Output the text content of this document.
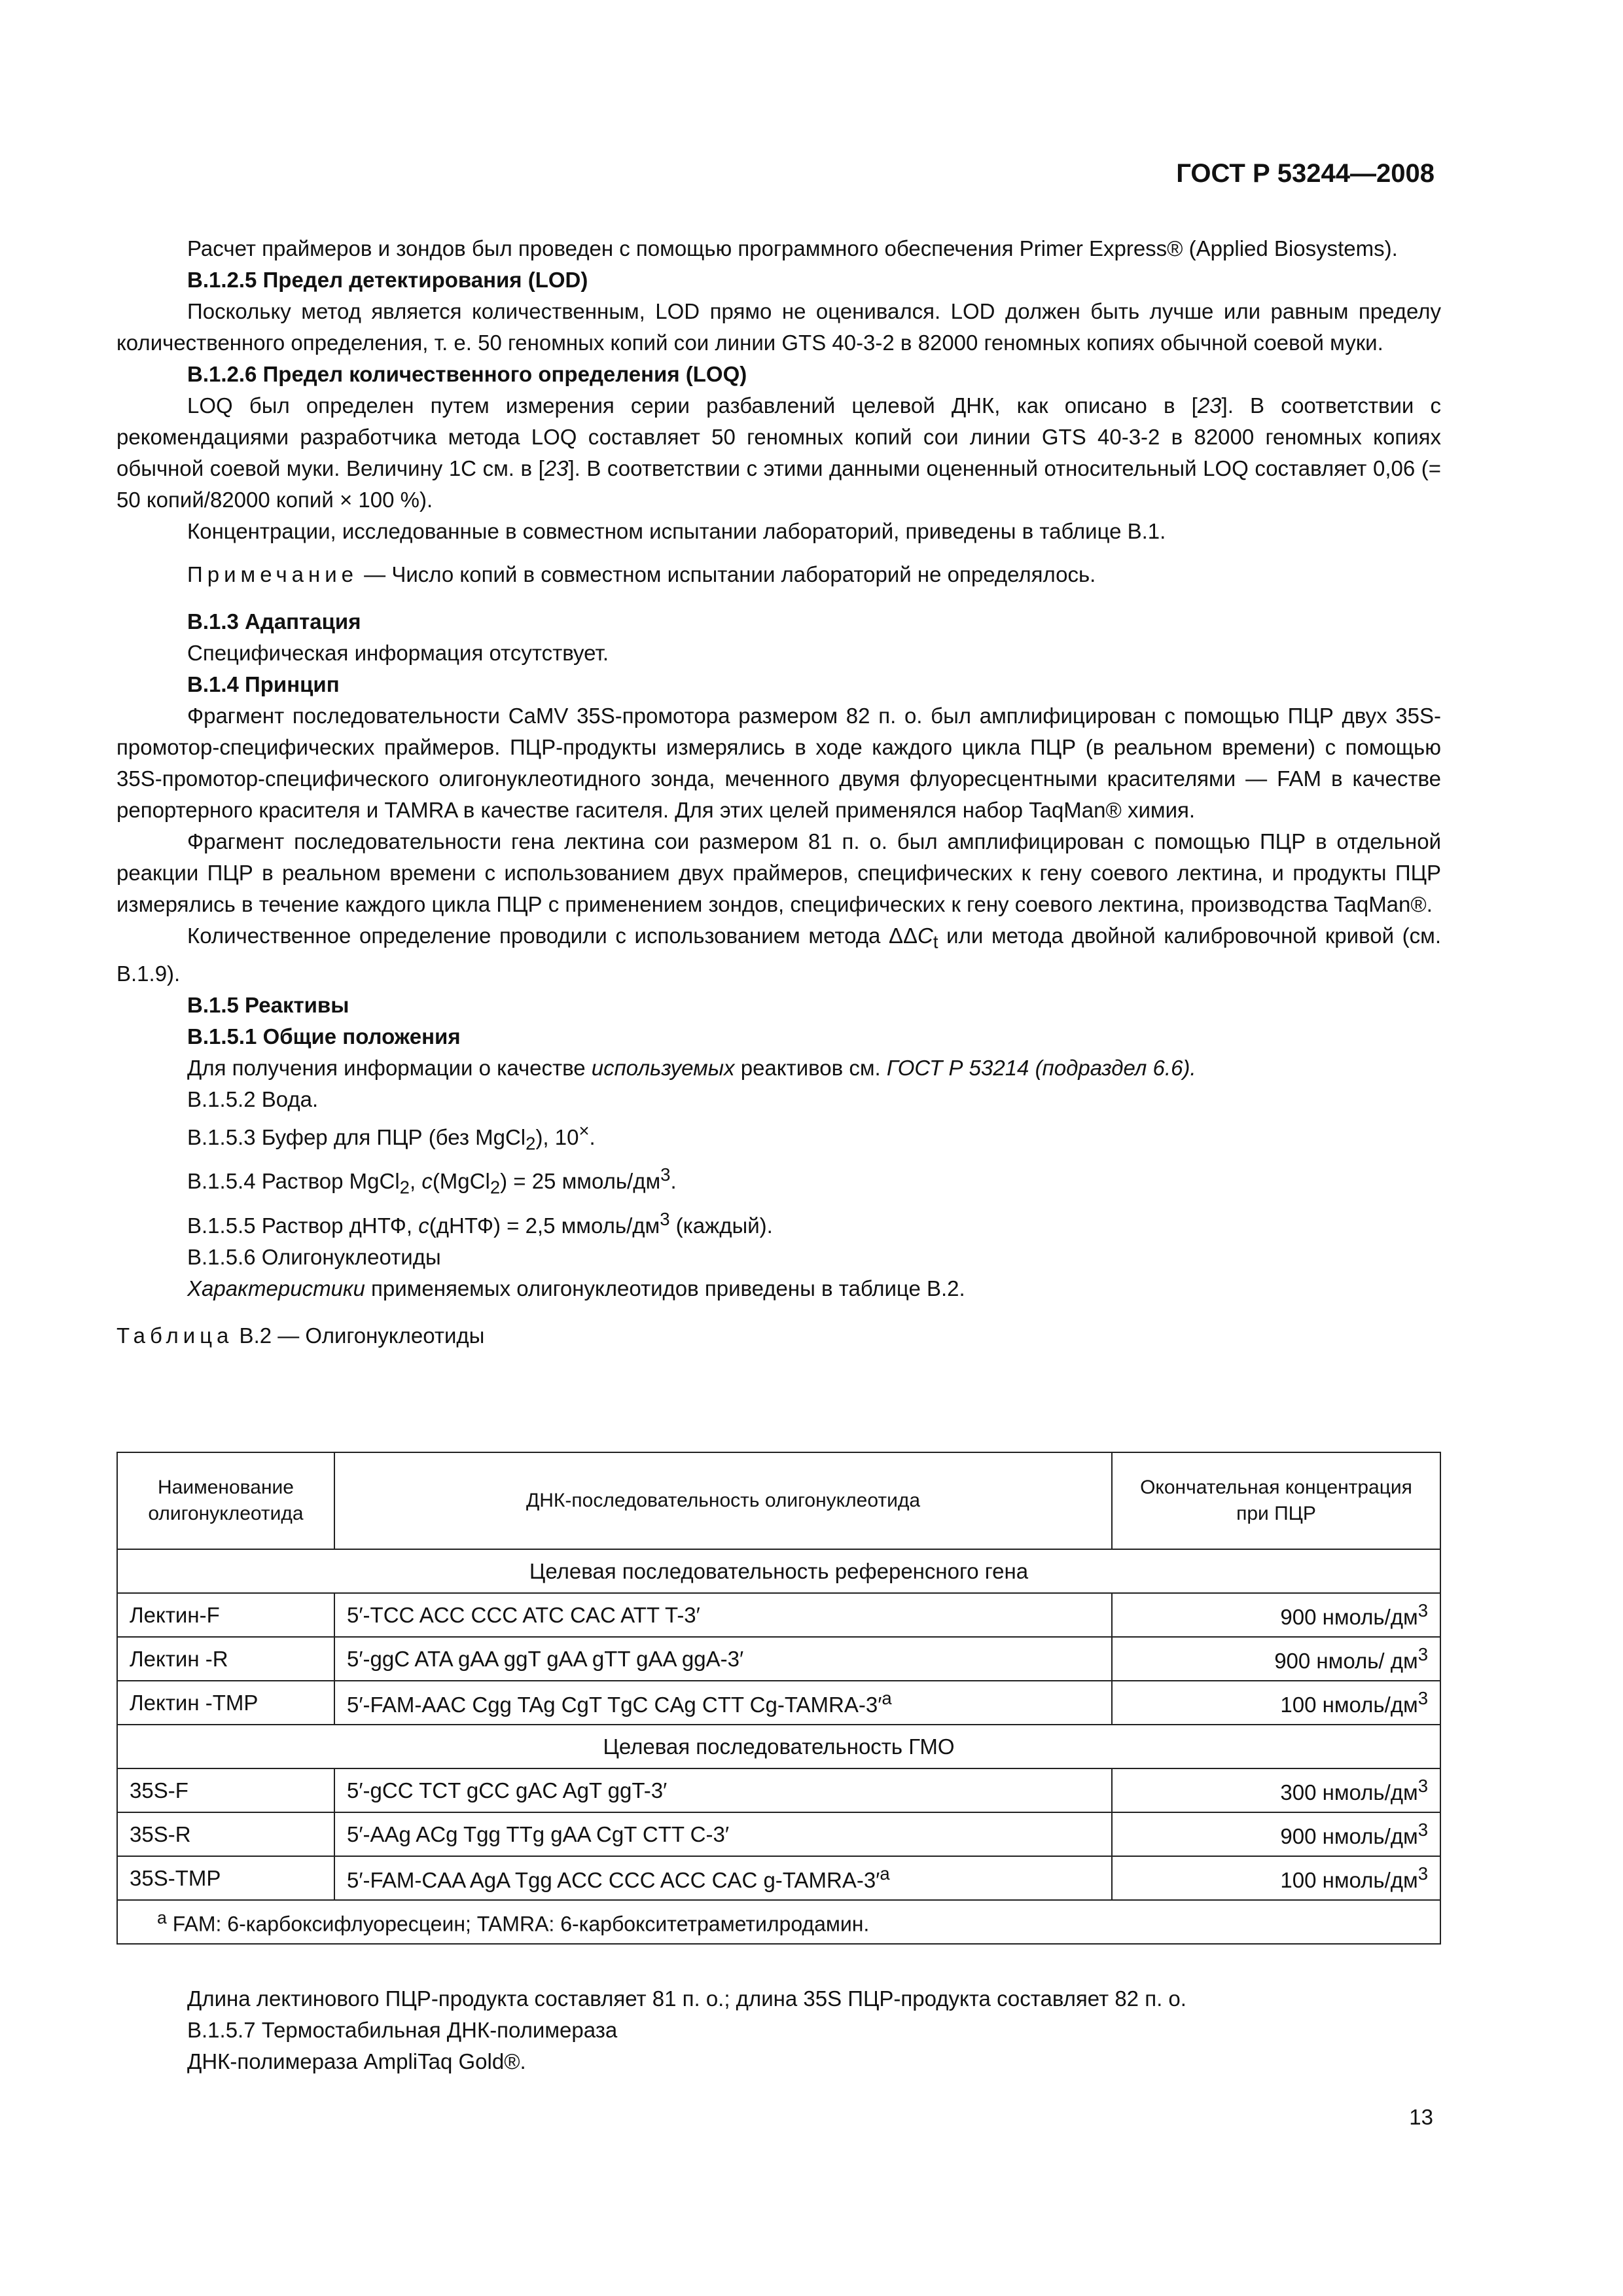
ГОСТ Р 53244—2008

Расчет праймеров и зондов был проведен с помощью программного обеспечения Primer Express® (Applied Biosystems).

В.1.2.5 Предел детектирования (LOD)

Поскольку метод является количественным, LOD прямо не оценивался. LOD должен быть лучше или равным пределу количественного определения, т. е. 50 геномных копий сои линии GTS 40-3-2 в 82000 геномных копиях обычной соевой муки.

В.1.2.6 Предел количественного определения (LOQ)

LOQ был определен путем измерения серии разбавлений целевой ДНК, как описано в [23]. В соответствии с рекомендациями разработчика метода LOQ составляет 50 геномных копий сои линии GTS 40-3-2 в 82000 геномных копиях обычной соевой муки. Величину 1С см. в [23]. В соответствии с этими данными оцененный относительный LOQ составляет 0,06 (= 50 копий/82000 копий × 100 %).

Концентрации, исследованные в совместном испытании лабораторий, приведены в таблице В.1.

Примечание — Число копий в совместном испытании лабораторий не определялось.

В.1.3 Адаптация

Специфическая информация отсутствует.

В.1.4 Принцип

Фрагмент последовательности CaMV 35S-промотора размером 82 п. о. был амплифицирован с помощью ПЦР двух 35S-промотор-специфических праймеров. ПЦР-продукты измерялись в ходе каждого цикла ПЦР (в реальном времени) с помощью 35S-промотор-специфического олигонуклеотидного зонда, меченного двумя флуоресцентными красителями — FAM в качестве репортерного красителя и TAMRA в качестве гасителя. Для этих целей применялся набор TaqMan® химия.

Фрагмент последовательности гена лектина сои размером 81 п. о. был амплифицирован с помощью ПЦР в отдельной реакции ПЦР в реальном времени с использованием двух праймеров, специфических к гену соевого лектина, и продукты ПЦР измерялись в течение каждого цикла ПЦР с применением зондов, специфических к гену соевого лектина, производства TaqMan®.

Количественное определение проводили с использованием метода $\Delta\Delta C_t$ или метода двойной калибровочной кривой (см. В.1.9).

В.1.5 Реактивы

В.1.5.1 Общие положения

Для получения информации о качестве используемых реактивов см. ГОСТ Р 53214 (подраздел 6.6).

В.1.5.2 Вода.

В.1.5.3 Буфер для ПЦР (без MgCl$_2$), 10×.

В.1.5.4 Раствор MgCl$_2$, c(MgCl$_2$) = 25 ммоль/$дм^3$.

В.1.5.5 Раствор дНТФ, c(дНТФ) = 2,5 ммоль/$дм^3$ (каждый).

В.1.5.6 Олигонуклеотиды

Характеристики применяемых олигонуклеотидов приведены в таблице В.2.

Таблица В.2 — Олигонуклеотиды

Наименование олигонуклеотида	ДНК-последовательность олигонуклеотида	Окончательная концентрация при ПЦР
Целевая последовательность референсного гена		
Лектин-F	5′-TCC ACC CCC ATC CAC ATT T-3′	900 нмоль/$дм^3$
Лектин -R	5′-ggC ATA gAA ggT gAA gTT gAA ggA-3′	900 нмоль/ $дм^3$
Лектин -TMP	5′-FAM-AAC Cgg TAg CgT TgC CAg CTT $Cg-TAMRA-3'^а$	100 нмоль/$дм^3$
Целевая последовательность ГМО		
35S-F	5′-gCC TCT gCC gAC AgT ggT-3′	300 нмоль/$дм^3$
35S-R	5′-AAg ACg Tgg TTg gAA CgT CTT C-3′	900 нмоль/$дм^3$
35S-TMP	5′-FAM-CAA AgA Tgg ACC CCC ACC CAC $g-TAMRA-3'^а$	100 нмоль/$дм^3$
$^а$ FAM: 6-карбоксифлуоресцеин; TAMRA: 6-карбокситетраметилродамин.		

Длина лектинового ПЦР-продукта составляет 81 п. о.; длина 35S ПЦР-продукта составляет 82 п. о.

В.1.5.7 Термостабильная ДНК-полимераза

ДНК-полимераза AmpliTaq Gold®.

13
